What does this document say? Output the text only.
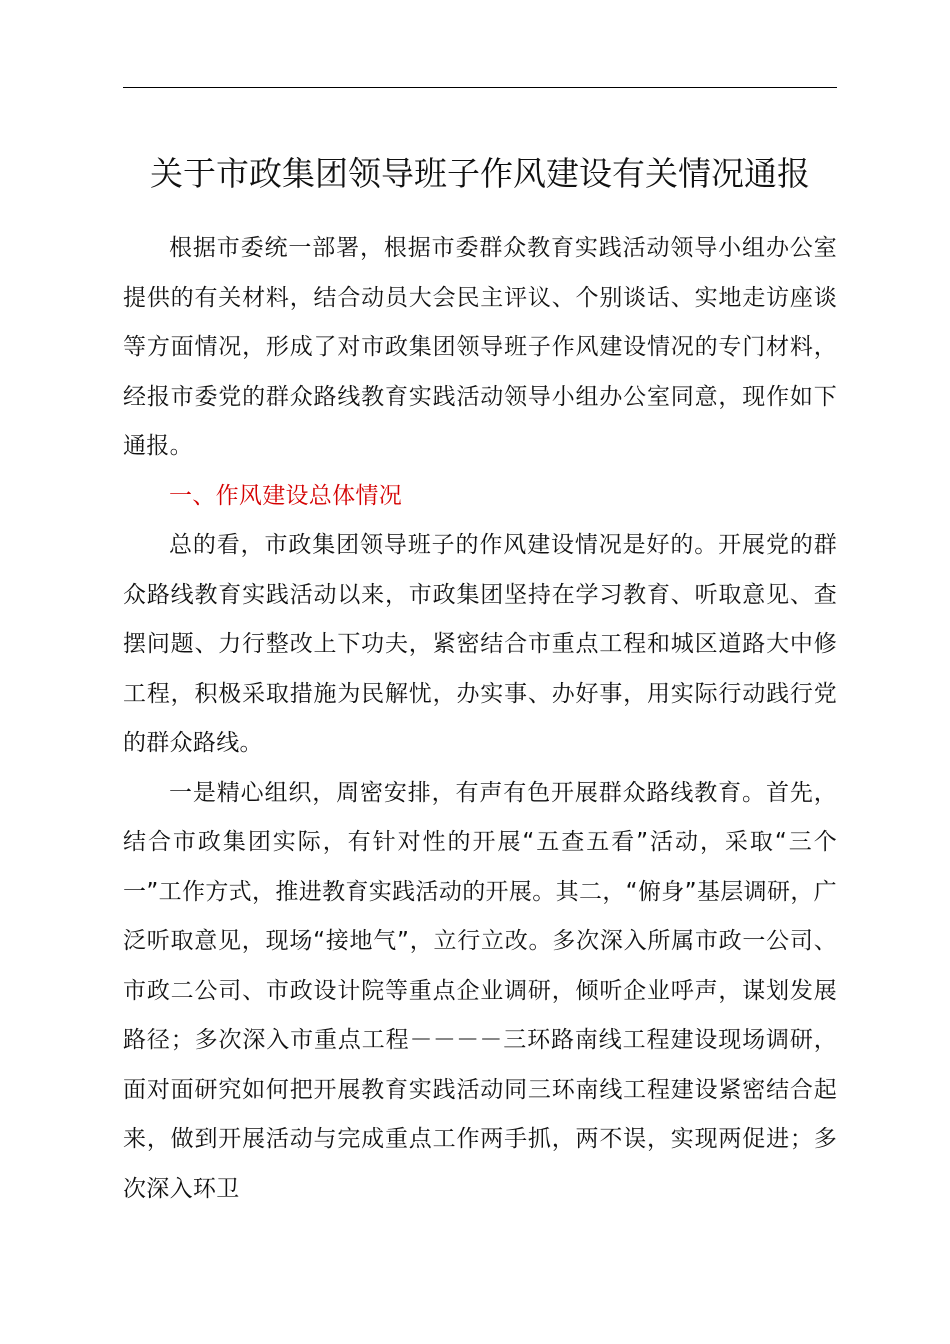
关于市政集团领导班子作风建设有关情况通报

根据市委统一部署，根据市委群众教育实践活动领导小组办公室提供的有关材料，结合动员大会民主评议、个别谈话、实地走访座谈等方面情况，形成了对市政集团领导班子作风建设情况的专门材料，经报市委党的群众路线教育实践活动领导小组办公室同意，现作如下通报。

一、作风建设总体情况

总的看，市政集团领导班子的作风建设情况是好的。开展党的群众路线教育实践活动以来，市政集团坚持在学习教育、听取意见、查摆问题、力行整改上下功夫，紧密结合市重点工程和城区道路大中修工程，积极采取措施为民解忧，办实事、办好事，用实际行动践行党的群众路线。

一是精心组织，周密安排，有声有色开展群众路线教育。首先，结合市政集团实际，有针对性的开展“五查五看”活动，采取“三个一”工作方式，推进教育实践活动的开展。其二，“俯身”基层调研，广泛听取意见，现场“接地气”，立行立改。多次深入所属市政一公司、市政二公司、市政设计院等重点企业调研，倾听企业呼声，谋划发展路径；多次深入市重点工程－－－－三环路南线工程建设现场调研，面对面研究如何把开展教育实践活动同三环南线工程建设紧密结合起来，做到开展活动与完成重点工作两手抓，两不误，实现两促进；多次深入环卫
